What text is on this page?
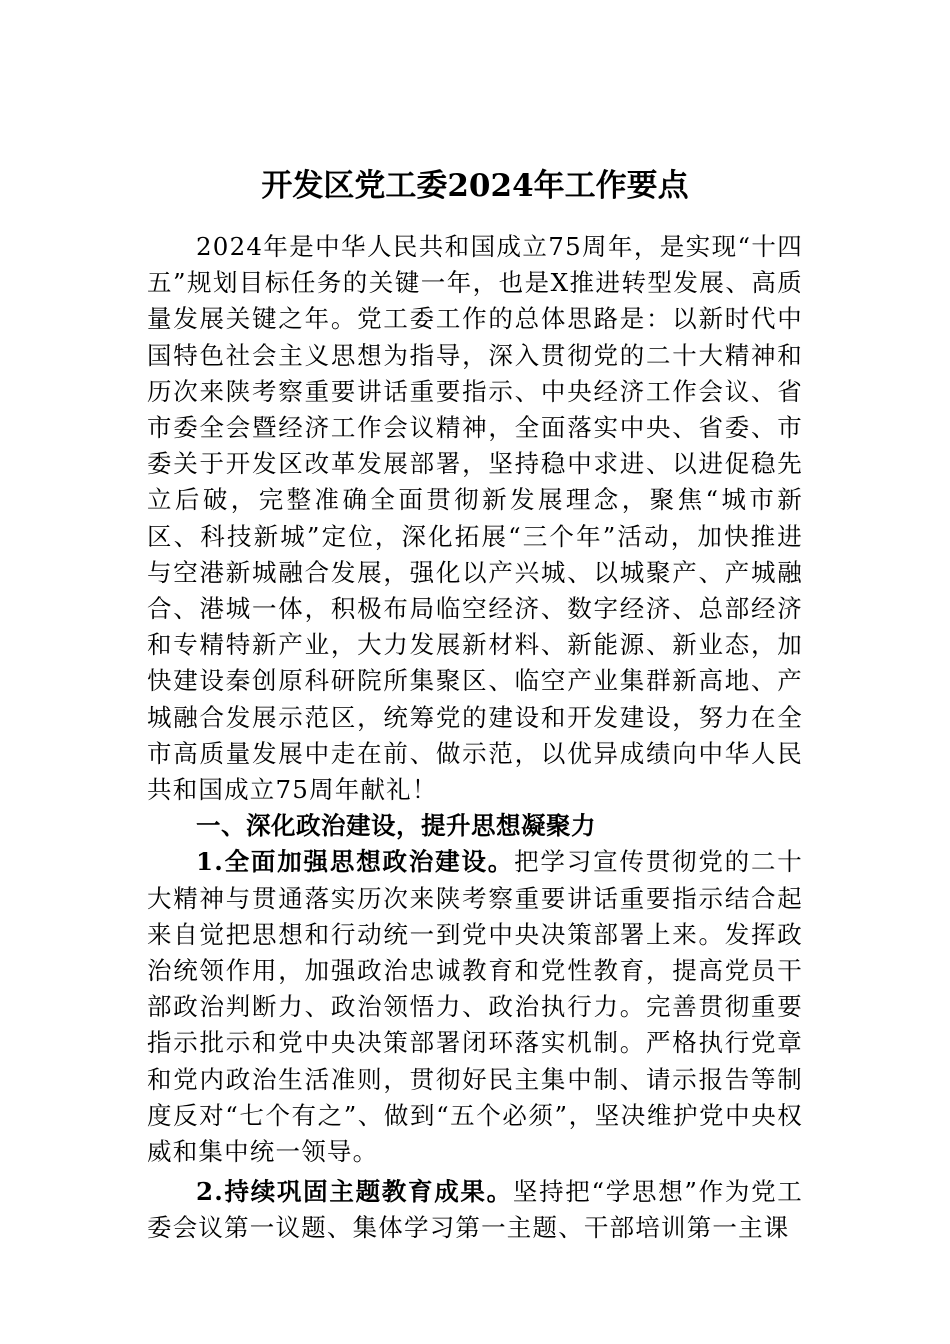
开发区党工委2024年工作要点

2024年是中华人民共和国成立75周年，是实现“十四五”规划目标任务的关键一年，也是X推进转型发展、高质量发展关键之年。党工委工作的总体思路是：以新时代中国特色社会主义思想为指导，深入贯彻党的二十大精神和历次来陕考察重要讲话重要指示、中央经济工作会议、省市委全会暨经济工作会议精神，全面落实中央、省委、市委关于开发区改革发展部署，坚持稳中求进、以进促稳先立后破，完整准确全面贯彻新发展理念，聚焦“城市新区、科技新城”定位，深化拓展“三个年”活动，加快推进与空港新城融合发展，强化以产兴城、以城聚产、产城融合、港城一体，积极布局临空经济、数字经济、总部经济和专精特新产业，大力发展新材料、新能源、新业态，加快建设秦创原科研院所集聚区、临空产业集群新高地、产城融合发展示范区，统筹党的建设和开发建设，努力在全市高质量发展中走在前、做示范，以优异成绩向中华人民共和国成立75周年献礼！

一、深化政治建设，提升思想凝聚力

1.全面加强思想政治建设。把学习宣传贯彻党的二十大精神与贯通落实历次来陕考察重要讲话重要指示结合起来自觉把思想和行动统一到党中央决策部署上来。发挥政治统领作用，加强政治忠诚教育和党性教育，提高党员干部政治判断力、政治领悟力、政治执行力。完善贯彻重要指示批示和党中央决策部署闭环落实机制。严格执行党章和党内政治生活准则，贯彻好民主集中制、请示报告等制度反对“七个有之”、做到“五个必须”，坚决维护党中央权威和集中统一领导。

2.持续巩固主题教育成果。坚持把“学思想”作为党工委会议第一议题、集体学习第一主题、干部培训第一主课
